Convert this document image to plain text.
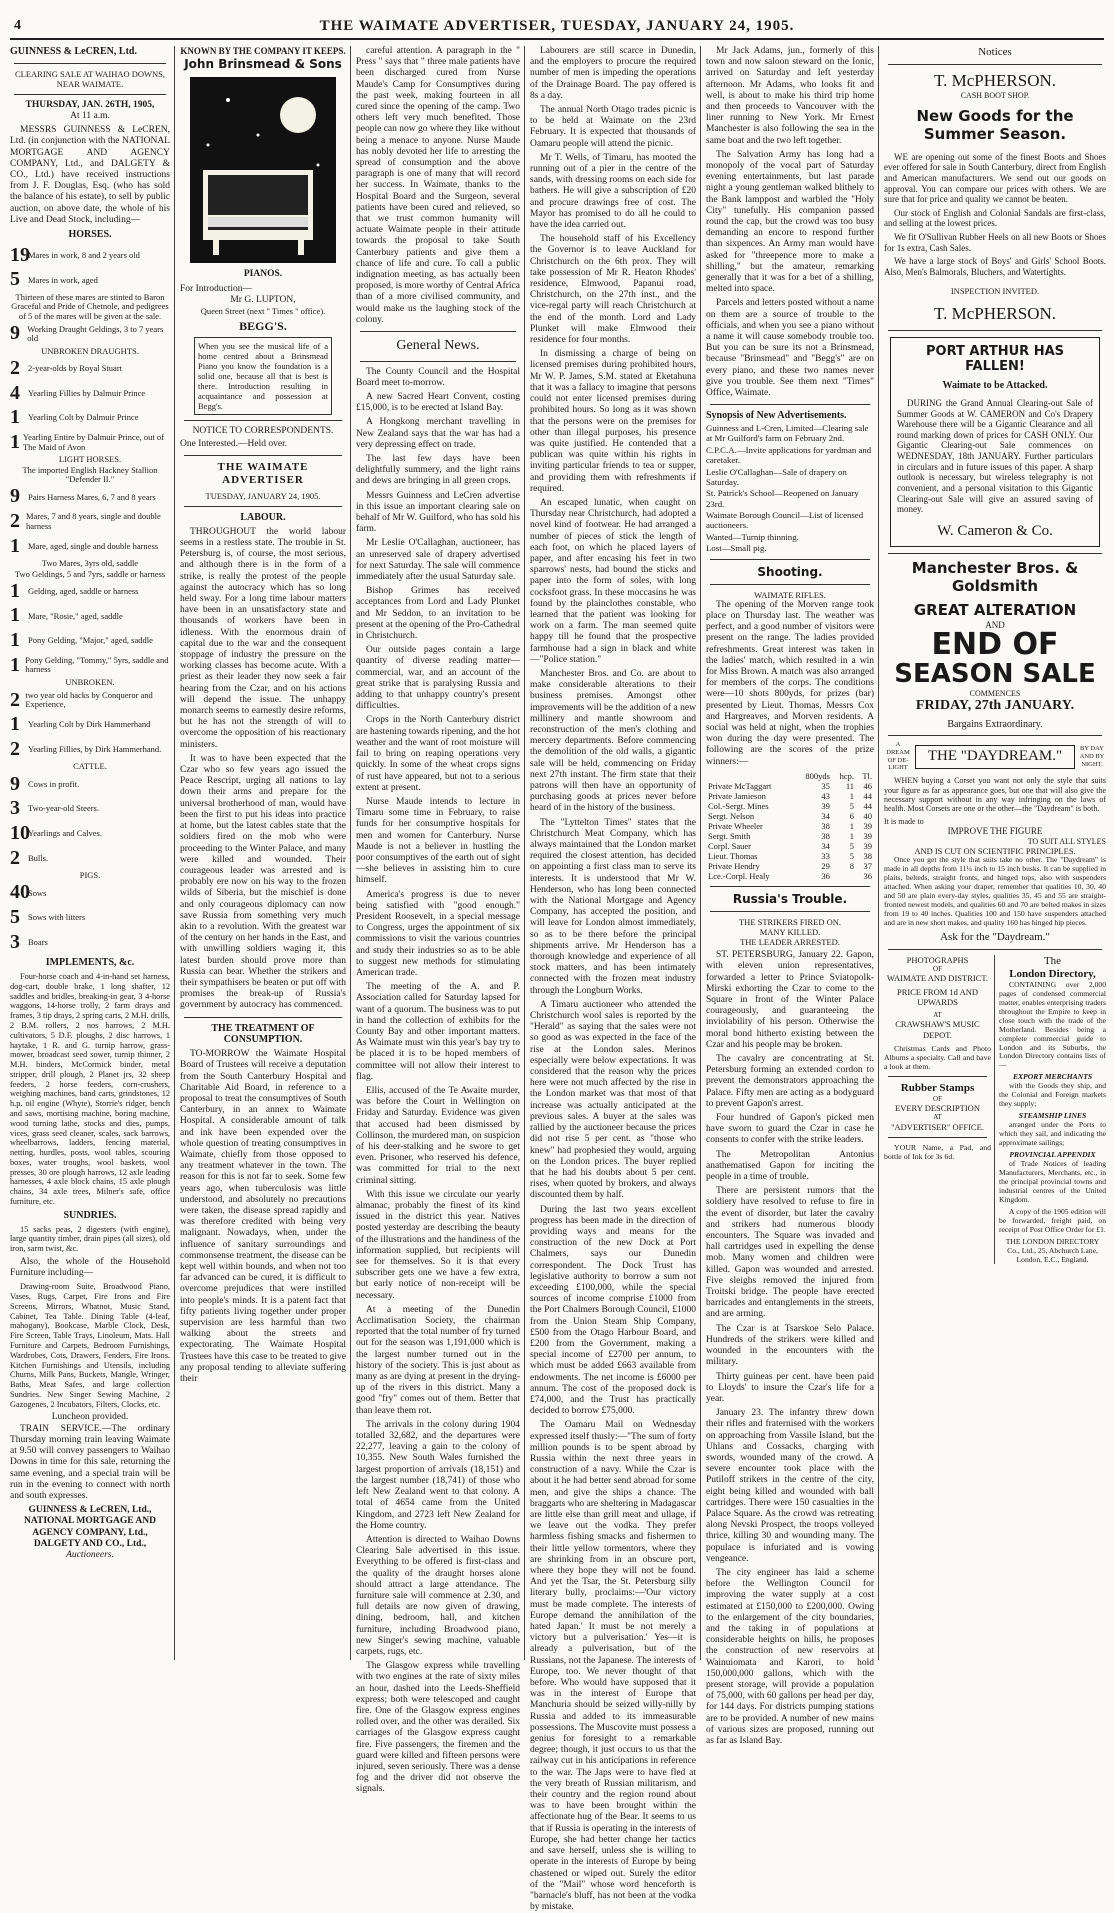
4	THE WAIMATE ADVERTISER, TUESDAY, JANUARY 24, 1905.
GUINNESS & LeCREN, Ltd.
CLEARING SALE AT WAIHAO DOWNS, NEAR WAIMATE.
THURSDAY, JAN. 26TH, 1905,
At 11 a.m.

MESSRS GUINNESS & LeCREN, Ltd. (in conjunction with the NATIONAL MORTGAGE AND AGENCY COMPANY, Ltd., and DALGETY & CO., Ltd.) have received instructions from J. F. Douglas, Esq. (who has sold the balance of his estate), to sell by public auction, on above date, the whole of his Live and Dead Stock, including—

HORSES.
19
Mares in work, 8 and 2 years old
5 Mares in work, aged
Thirteen of these mares are stinted to Baron Graceful and Pride of Chetnole, and pedigrees of 5 of the mares will be given at the sale.
9 Working Draught Geldings, 3 to 7 years old
UNBROKEN DRAUGHTS.
2 2-year-olds by Royal Stuart
4 Yearling Fillies by Dalmuir Prince
1 Yearling Colt by Dalmuir Prince
1 Yearling Entire by Dalmuir Prince, out of The Maid of Avon
LIGHT HORSES.
The imported English Hackney Stallion "Defender II."
9 Pairs Harness Mares, 6, 7 and 8 years
2 Mares, 7 and 8 years, single and double harness
1 Mare, aged, single and double harness
Two Mares, 3yrs old, saddle
Two Geldings, 5 and 7yrs, saddle or harness
1 Gelding, aged, saddle or harness
1 Mare, "Rosie," aged, saddle
1 Pony Gelding, "Major," aged, saddle
1 Pony Gelding, "Tommy," 5yrs, saddle and harness
UNBROKEN.
2 two year old hacks by Conqueror and Experience,
1 Yearling Colt by Dirk Hammerhand
2 Yearling Fillies, by Dirk Hammerhand.
CATTLE.
9 Cows in profit.
3 Two-year-old Steers.
10
Yearlings and Calves.
2 Bulls.
PIGS.
40
Sows
5 Sows with litters
3 Boars
IMPLEMENTS, &c.

Four-horse coach and 4-in-hand set harness, dog-cart, double brake, 1 long shafter, 12 saddles and bridles, breaking-in gear, 3 4-horse waggons, 14-horse trolly, 2 farm drays and frames, 3 tip drays, 2 spring carts, 2 M.H. drills, 2 B.M. rollers, 2 nos harrows, 2 M.H. cultivators, 5 D.F. ploughs, 2 disc harrows, 1 haytake, 1 R. and G. turnip harrow, grass-mower, broadcast seed sower, turnip thinner, 2 M.H. binders, McCormick binder, metal stripper, drill plough, 2 Planet jrs, 32 sheep feeders, 2 horse feeders, corn-crushers, weighing machines, band carts, grindstones, 12 h.p. oil engine (Whyte), Storrie's ridger, bench and saws, mortising machine, boring machine, wood turning lathe, stocks and dies, pumps, vices, grass seed cleaner, scales, sack barrows, wheelbarrows, ladders, fencing material, netting, hurdles, posts, wool tables, scouring boxes, water troughs, wool baskets, wool presses, 30 ore plough harrows, 12 axle leading harnesses, 4 axle block chains, 15 axle plough chains, 34 axle trees, Milner's safe, office furniture, etc.

SUNDRIES.

15 sacks peas, 2 digesters (with engine), large quantity timber, drain pipes (all sizes), old iron, sarm twist, &c.

Also, the whole of the Household Furniture including—

Drawing-room Suite, Broadwood Piano, Vases, Rugs, Carpet, Fire Irons and Fire Screens, Mirrors, Whatnot, Music Stand, Cabinet, Tea Table. Dining Table (4-leaf, mahogany), Bookcase, Marble Clock, Desk, Fire Screen, Table Trays, Linoleum, Mats. Hall Furniture and Carpets, Bedroom Furnishings, Wardrobes, Cots, Drawers, Fenders, Fire Irons. Kitchen Furnishings and Utensils, including Churns, Milk Pans, Buckets, Mangle, Wringer, Baths, Meat Safes, and large collection Sundries. New Singer Sewing Machine, 2 Gazogenes, 2 Incubators, Filters, Clocks, etc.

Luncheon provided.

TRAIN SERVICE.—The ordinary Thursday morning train leaving Waimate at 9.50 will convey passengers to Waihao Downs in time for this sale, returning the same evening, and a special train will be run in the evening to connect with north and south expresses.

GUINNESS & LeCREN, Ltd.,
NATIONAL MORTGAGE AND AGENCY COMPANY, Ltd.,
DALGETY AND CO., Ltd.,
Auctioneers.
KNOWN BY THE COMPANY IT KEEPS.
John Brinsmead & Sons
PIANOS.
For Introduction—
Mr G. LUPTON,
Queen Street (next " Times " office).
BEGG'S.
When you see the musical life of a home centred about a Brinsmead Piano you know the foundation is a solid one, because all that is best is there. Introduction resulting in acquaintance and possession at Begg's.
NOTICE TO CORRESPONDENTS.
One Interested.—Held over.
THE WAIMATE ADVERTISER
TUESDAY, JANUARY 24, 1905.
LABOUR.

THROUGHOUT the world labour seems in a restless state. The trouble in St. Petersburg is, of course, the most serious, and although there is in the form of a strike, is really the protest of the people against the autocracy which has so long held sway. For a long time labour matters have been in an unsatisfactory state and thousands of workers have been in idleness. With the enormous drain of capital due to the war and the consequent stoppage of industry the pressure on the working classes has become acute. With a priest as their leader they now seek a fair hearing from the Czar, and on his actions will depend the issue. The unhappy monarch seems to earnestly desire reforms, but he has not the strength of will to overcome the opposition of his reactionary ministers.

It was to have been expected that the Czar who so few years ago issued the Peace Rescript, urging all nations to lay down their arms and prepare for the universal brotherhood of man, would have been the first to put his ideas into practice at home, but the latest cables state that the soldiers fired on the mob who were proceeding to the Winter Palace, and many were killed and wounded. Their courageous leader was arrested and is probably ere now on his way to the frozen wilds of Siberia, but the mischief is done and only courageous diplomacy can now save Russia from something very much akin to a revolution. With the greatest war of the century on her hands in the East, and with unwilling soldiers waging it, this latest burden should prove more than Russia can bear. Whether the strikers and their sympathisers be beaten or put off with promises the break-up of Russia's government by autocracy has commenced.

THE TREATMENT OF CONSUMPTION.

TO-MORROW the Waimate Hospital Board of Trustees will receive a deputation from the South Canterbury Hospital and Charitable Aid Board, in reference to a proposal to treat the consumptives of South Canterbury, in an annex to Waimate Hospital. A considerable amount of talk and ink have been expended over the whole question of treating consumptives in Waimate, chiefly from those opposed to any treatment whatever in the town. The reason for this is not far to seek. Some few years ago, when tuberculosis was little understood, and absolutely no precautions were taken, the disease spread rapidly and was therefore credited with being very malignant. Nowadays, when, under the influence of sanitary surroundings and commonsense treatment, the disease can be kept well within bounds, and when not too far advanced can be cured, it is difficult to overcome prejudices that were instilled into people's minds. It is a patent fact that fifty patients living together under proper supervision are less harmful than two walking about the streets and expectorating. The Waimate Hospital Trustees have this case to be treated to give any proposal tending to alleviate suffering their

careful attention. A paragraph in the " Press " says that " three male patients have been discharged cured from Nurse Maude's Camp for Consumptives during the past week, making fourteen in all cured since the opening of the camp. Two others left very much benefited. Those people can now go where they like without being a menace to anyone. Nurse Maude has nobly devoted her life to arresting the spread of consumption and the above paragraph is one of many that will record her success. In Waimate, thanks to the Hospital Board and the Surgeon, several patients have been cured and relieved, so that we trust common humanity will actuate Waimate people in their attitude towards the proposal to take South Canterbury patients and give them a chance of life and cure. To call a public indignation meeting, as has actually been proposed, is more worthy of Central Africa than of a more civilised community, and would make us the laughing stock of the colony.

General News.

The County Council and the Hospital Board meet to-morrow.

A new Sacred Heart Convent, costing £15,000, is to be erected at Island Bay.

A Hongkong merchant travelling in New Zealand says that the war has had a very depressing effect on trade.

The last few days have been delightfully summery, and the light rains and dews are bringing in all green crops.

Messrs Guinness and LeCren advertise in this issue an important clearing sale on behalf of Mr W. Guilford, who has sold his farm.

Mr Leslie O'Callaghan, auctioneer, has an unreserved sale of drapery advertised for next Saturday. The sale will commence immediately after the usual Saturday sale.

Bishop Grimes has received acceptances from Lord and Lady Plunket and Mr Seddon, to an invitation to be present at the opening of the Pro-Cathedral in Christchurch.

Our outside pages contain a large quantity of diverse reading matter—commercial, war, and an account of the great strike that is paralysing Russia and adding to that unhappy country's present difficulties.

Crops in the North Canterbury district are hastening towards ripening, and the hot weather and the want of root moisture will fail to bring on reaping operations very quickly. In some of the wheat crops signs of rust have appeared, but not to a serious extent at present.

Nurse Maude intends to lecture in Timaru some time in February, to raise funds for her consumptive hospitals for men and women for Canterbury. Nurse Maude is not a believer in hustling the poor consumptives of the earth out of sight—she believes in assisting him to cure himself.

America's progress is due to never being satisfied with "good enough." President Roosevelt, in a special message to Congress, urges the appointment of six commissions to visit the various countries and study their industries so as to be able to suggest new methods for stimulating American trade.

The meeting of the A. and P. Association called for Saturday lapsed for want of a quorum. The business was to put in hand the collection of exhibits for the County Bay and other important matters. As Waimate must win this year's bay try to be placed it is to be hoped members of committee will not allow their interest to flag.

Ellis, accused of the Te Awaite murder, was before the Court in Wellington on Friday and Saturday. Evidence was given that accused had been dismissed by Collinson, the murdered man, on suspicion of his deer-stalking and he swore to get even. Prisoner, who reserved his defence, was committed for trial to the next criminal sitting.

With this issue we circulate our yearly almanac, probably the finest of its kind issued in the district this year. Natives posted yesterday are describing the beauty of the illustrations and the handiness of the information supplied, but recipients will see for themselves. So it is that every subscriber gets one we have a few extra, but early notice of non-receipt will be necessary.

At a meeting of the Dunedin Acclimatisation Society, the chairman reported that the total number of fry turned out for the season was 1,191,000 which is the largest number turned out in the history of the society. This is just about as many as are dying at present in the drying-up of the rivers in this district. Many a good "fry" comes out of them. Better that than leave them rot.

The arrivals in the colony during 1904 totalled 32,682, and the departures were 22,277, leaving a gain to the colony of 10,355. New South Wales furnished the largest proportion of arrivals (18,151) and the largest number (18,741) of those who left New Zealand went to that colony. A total of 4654 came from the United Kingdom, and 2723 left New Zealand for the Home country.

Attention is directed to Waihao Downs Clearing Sale advertised in this issue. Everything to be offered is first-class and the quality of the draught horses alone should attract a large attendance. The furniture sale will commence at 2.30, and full details are now given of drawing, dining, bedroom, hall, and kitchen furniture, including Broadwood piano, new Singer's sewing machine, valuable carpets, rugs, etc.

The Glasgow express while travelling with two engines at the rate of sixty miles an hour, dashed into the Leeds-Sheffield express; both were telescoped and caught fire. One of the Glasgow express engines rolled over, and the other was derailed. Six carriages of the Glasgow express caught fire. Five passengers, the firemen and the guard were killed and fifteen persons were injured, seven seriously. There was a dense fog and the driver did not observe the signals.

Labourers are still scarce in Dunedin, and the employers to procure the required number of men is impeding the operations of the Drainage Board. The pay offered is 8s a day.

The annual North Otago trades picnic is to be held at Waimate on the 23rd February. It is expected that thousands of Oamaru people will attend the picnic.

Mr T. Wells, of Timaru, has mooted the running out of a pier in the centre of the sands, with dressing rooms on each side for bathers. He will give a subscription of £20 and procure drawings free of cost. The Mayor has promised to do all he could to have the idea carried out.

The household staff of his Excellency the Governor is to leave Auckland for Christchurch on the 6th prox. They will take possession of Mr R. Heaton Rhodes' residence, Elmwood, Papanui road, Christchurch, on the 27th inst., and the vice-regal party will reach Christchurch at the end of the month. Lord and Lady Plunket will make Elmwood their residence for four months.

In dismissing a charge of being on licensed premises during prohibited hours, Mr W. P. James, S.M. stated at Eketahuna that it was a fallacy to imagine that persons could not enter licensed premises during prohibited hours. So long as it was shown that the persons were on the premises for other than illegal purposes, his presence was quite justified. He contended that a publican was quite within his rights in inviting particular friends to tea or supper, and providing them with refreshments if required.

An escaped lunatic, when caught on Thursday near Christchurch, had adopted a novel kind of footwear. He had arranged a number of pieces of stick the length of each foot, on which he placed layers of paper, and after encasing his feet in two sparrows' nests, had bound the sticks and paper into the form of soles, with long cocksfoot grass. In these moccasins he was found by the plainclothes constable, who learned that the patient was looking for work on a farm. The man seemed quite happy till he found that the prospective farmhouse had a sign in black and white—"Police station."

Manchester Bros. and Co. are about to make considerable alterations to their business premises. Amongst other improvements will be the addition of a new millinery and mantle showroom and reconstruction of the men's clothing and mercery departments. Before commencing the demolition of the old walls, a gigantic sale will be held, commencing on Friday next 27th instant. The firm state that their patrons will then have an opportunity of purchasing goods at prices never before heard of in the history of the business.

The "Lyttelton Times" states that the Christchurch Meat Company, which has always maintained that the London market required the closest attention, has decided on appointing a first class man to serve its interests. It is understood that Mr W. Henderson, who has long been connected with the National Mortgage and Agency Company, has accepted the position, and will leave for London almost immediately, so as to be there before the principal shipments arrive. Mr Henderson has a thorough knowledge and experience of all stock matters, and has been intimately connected with the frozen meat industry through the Longburn Works.

A Timaru auctioneer who attended the Christchurch wool sales is reported by the "Herald" as saying that the sales were not so good as was expected in the face of the rise at the London sales. Merinos especially were below expectations. It was considered that the reason why the prices here were not much affected by the rise in the London market was that most of that increase was actually anticipated at the previous sales. A buyer at the sales was rallied by the auctioneer because the prices did not rise 5 per cent. as "those who knew" had prophesied they would, arguing on the London prices. The buyer replied that he had his doubts about 5 per cent. rises, when quoted by brokers, and always discounted them by half.

During the last two years excellent progress has been made in the direction of providing ways and means for the construction of the new Dock at Port Chalmers, says our Dunedin correspondent. The Dock Trust has legislative authority to borrow a sum not exceeding £100,000, while the special sources of income comprise £1000 from the Port Chalmers Borough Council, £1000 from the Union Steam Ship Company, £500 from the Otago Harbour Board, and £200 from the Government, making a special income of £2700 per annum, to which must be added £663 available from endowments. The net income is £6000 per annum. The cost of the proposed dock is £74,000, and the Trust has practically decided to borrow £75,000.

The Oamaru Mail on Wednesday expressed itself thusly:—"The sum of forty million pounds is to be spent abroad by Russia within the next three years in construction of a navy. While the Czar is about it he had better send abroad for some men, and give the ships a chance. The braggarts who are sheltering in Madagascar are little else than grill meat and ullage, if we leave out the vodka. They prefer harmless fishing smacks and fishermen to their little yellow tormentors, where they are shrinking from in an obscure port, where they hope they will not be found. And yet the Tsar, the St. Petersburg silly literary bully, proclaims:—'Our victory must be made complete. The interests of Europe demand the annihilation of the hated Japan.' It must be not merely a victory but a pulverisation.' Yes—it is already a pulverisation, but of the Russians, not the Japanese. The interests of Europe, too. We never thought of that before. Who would have supposed that it was in the interest of Europe that Manchuria should be seized willy-nilly by Russia and added to its immeasurable possessions. The Muscovite must possess a genius for foresight to a remarkable degree; though, it just occurs to us that the railway cut in his anticipations in reference to the war. The Japs were to have fled at the very breath of Russian militarism, and their country and the region round about was to have been brought within the affectionate hug of the Bear. It seems to us that if Russia is operating in the interests of Europe, she had better change her tactics and save herself, unless she is willing to operate in the interests of Europe by being chastened or wiped out. Surely the editor of the "Mail" whose word henceforth is "barnacle's bluff, has not been at the vodka by mistake.

Mr Jack Adams, jun., formerly of this town and now saloon steward on the Ionic, arrived on Saturday and left yesterday afternoon. Mr Adams, who looks fit and well, is about to make his third trip home and then proceeds to Vancouver with the liner running to New York. Mr Ernest Manchester is also following the sea in the same boat and the two left together.

The Salvation Army has long had a monopoly of the vocal part of Saturday evening entertainments, but last parade night a young gentleman walked blithely to the Bank lamppost and warbled the "Holy City" tunefully. His companion passed round the cap, but the crowd was too busy demanding an encore to respond further than sixpences. An Army man would have asked for "threepence more to make a shilling," but the amateur, remarking generally that it was for a bet of a shilling, melted into space.

Parcels and letters posted without a name on them are a source of trouble to the officials, and when you see a piano without a name it will cause somebody trouble too. But you can be sure its not a Brinsmead, because "Brinsmead" and "Begg's" are on every piano, and these two names never give you trouble. See them next "Times" Office, Waimate.

Synopsis of New Advertisements.
Guinness and L-Cren, Limited—Clearing sale at Mr Guilford's farm on February 2nd.
C.P.C.A.—Invite applications for yardman and caretaker.
Leslie O'Callaghan—Sale of drapery on Saturday.
St. Patrick's School—Reopened on January 23rd.
Waimate Borough Council—List of licensed auctioneers.
Wanted—Turnip thinning.
Lost—Small pig.
Shooting.
WAIMATE RIFLES.

The opening of the Morven range took place on Thursday last. The weather was perfect, and a good number of visitors were present on the range. The ladies provided refreshments. Great interest was taken in the ladies' match, which resulted in a win for Miss Brown. A match was also arranged for members of the corps. The conditions were—10 shots 800yds, for prizes (bar) presented by Lieut. Thomas, Messrs Cox and Hargreaves, and Morven residents. A social was held at night, when the trophies won during the day were presented. The following are the scores of the prize winners:—

	800yds	hcp.	Tl.
Private McTaggart	35	11	46
Private Jamieson	43	1	44
Col.-Sergt. Mines	39	5	44
Sergt. Nelson	34	6	40
Private Wheeler	38	1	39
Sergt. Smith	38	1	39
Corpl. Sauer	34	5	39
Lieut. Thomas	33	5	38
Private Hendry	29	8	37
Lce.-Corpl. Healy	36		36
Russia's Trouble.
THE STRIKERS FIRED ON.
MANY KILLED.
THE LEADER ARRESTED.

ST. PETERSBURG, January 22. Gapon, with eleven union representatives, forwarded a letter to Prince Sviatopolk-Mirski exhorting the Czar to come to the Square in front of the Winter Palace courageously, and guaranteeing the inviolability of his person. Otherwise the moral bond hitherto existing between the Czar and his people may be broken.

The cavalry are concentrating at St. Petersburg forming an extended cordon to prevent the demonstrators approaching the Palace. Fifty men are acting as a bodyguard to prevent Gapon's arrest.

Four hundred of Gapon's picked men have sworn to guard the Czar in case he consents to confer with the strike leaders.

The Metropolitan Antonius anathematised Gapon for inciting the people in a time of trouble.

There are persistent rumors that the soldiery have resolved to refuse to fire in the event of disorder, but later the cavalry and strikers had numerous bloody encounters. The Square was invaded and hall cartridges used in expelling the dense mob. Many women and children were killed. Gapon was wounded and arrested. Five sleighs removed the injured from Troitski bridge. The people have erected barricades and entanglements in the streets, and are arming.

The Czar is at Tsarskoe Selo Palace. Hundreds of the strikers were killed and wounded in the encounters with the military.

Thirty guineas per cent. have been paid to Lloyds' to insure the Czar's life for a year.

January 23. The infantry threw down their rifles and fraternised with the workers on approaching from Vassile Island, but the Uhlans and Cossacks, charging with swords, wounded many of the crowd. A severe encounter took place with the Putiloff strikers in the centre of the city, eight being killed and wounded with ball cartridges. There were 150 casualties in the Palace Square. As the crowd was retreating along Nevski Prospect, the troops volleyed thrice, killing 30 and wounding many. The populace is infuriated and is vowing vengeance.

The city engineer has laid a scheme before the Wellington Council for improving the water supply at a cost estimated at £150,000 to £200,000. Owing to the enlargement of the city boundaries, and the taking in of populations at considerable heights on hills, he proposes the construction of new reservoirs at Wainuiomata and Karori, to hold 150,000,000 gallons, which with the present storage, will provide a population of 75,000, with 60 gallons per head per day, for 144 days. For districts pumping stations are to be provided. A number of new mains of various sizes are proposed, running out as far as Island Bay.

Notices
T. McPHERSON.
CASH BOOT SHOP.
New Goods for the Summer Season.

WE are opening out some of the finest Boots and Shoes ever offered for sale in South Canterbury, direct from English and American manufacturers. We send out our goods on approval. You can compare our prices with others. We are sure that for price and quality we cannot be beaten.

Our stock of English and Colonial Sandals are first-class, and selling at the lowest prices.

We fit O'Sullivan Rubber Heels on all new Boots or Shoes for 1s extra, Cash Sales.

We have a large stock of Boys' and Girls' School Boots. Also, Men's Balmorals, Bluchers, and Watertights.

INSPECTION INVITED.
T. McPHERSON.
PORT ARTHUR HAS FALLEN!
Waimate to be Attacked.

DURING the Grand Annual Clearing-out Sale of Summer Goods at W. CAMERON and Co's Drapery Warehouse there will be a Gigantic Clearance and all round marking down of prices for CASH ONLY. Our Gigantic Clearing-out Sale commences on WEDNESDAY, 18th JANUARY. Further particulars in circulars and in future issues of this paper. A sharp outlook is necessary, but wireless telegraphy is not convenient, and a personal visitation to this Gigantic Clearing-out Sale will give an assured saving of money.

W. Cameron & Co.
Manchester Bros. & Goldsmith
GREAT ALTERATION
AND
END OF
SEASON SALE
COMMENCES
FRIDAY, 27th JANUARY.
Bargains Extraordinary.
A DREAM OF DE-LIGHT
THE "DAYDREAM."	BY DAY AND BY NIGHT.

WHEN buying a Corset you want not only the style that suits your figure as far as appearance goes, but one that will also give the necessary support without in any way infringing on the laws of health. Most Corsets are one or the other—the "Daydream" is both.

It is made to
IMPROVE THE FIGURE
TO SUIT ALL STYLES
AND IS CUT ON SCIENTIFIC PRINCIPLES.

Once you get the style that suits take no other. The "Daydream" is made in all depths from 11¼ inch to 15 inch busks. It can be supplied in plaits, belteds, straight fronts, and hinged tops, also with suspenders attached. When asking your draper, remember that qualities 10, 30, 40 and 50 are plain every-day styles, qualities 35, 45 and 55 are straight-fronted newest models, and qualities 60 and 70 are belted makes in sizes from 19 to 40 inches. Qualities 100 and 150 have suspenders attached and are in new short makes, and quality 160 has hinged hip pieces.

Ask for the "Daydream."
PHOTOGRAPHS
OF
WAIMATE AND DISTRICT.
PRICE FROM 1d AND UPWARDS
AT
CRAWSHAW'S MUSIC DEPOT.

Christmas Cards and Photo Albums a specialty. Call and have a look at them.

Rubber Stamps
OF
EVERY DESCRIPTION
AT
"ADVERTISER" OFFICE.

YOUR Name, a Pad, and bottle of Ink for 3s 6d.

The
London Directory,

CONTAINING over 2,000 pages of condensed commercial matter, enables enterprising traders throughout the Empire to keep in close touch with the trade of the Motherland. Besides being a complete commercial guide to London and its Suburbs, the London Directory contains lists of—

EXPORT MERCHANTS

with the Goods they ship, and the Colonial and Foreign markets they supply;

STEAMSHIP LINES

arranged under the Ports to which they sail, and indicating the approximate sailings;

PROVINCIAL APPENDIX

of Trade Notices of leading Manufacturers, Merchants, etc., in the principal provincial towns and industrial centres of the United Kingdom.

A copy of the 1905 edition will be forwarded, freight paid, on receipt of Post Office Order for £1.

THE LONDON DIRECTORY Co., Ltd., 25, Abchurch Lane, London, E.C., England.
